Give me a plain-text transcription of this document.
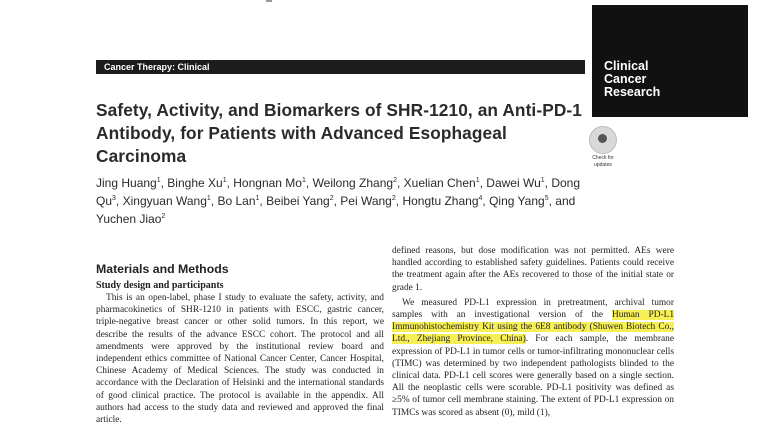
Cancer Therapy: Clinical	Clinical
Cancer
Research
Safety, Activity, and Biomarkers of SHR-1210, an Anti-PD-1 Antibody, for Patients with Advanced Esophageal Carcinoma	Check for
updates
Jing Huang$^1$, Binghe Xu$^1$, Hongnan Mo$^1$, Weilong Zhang$^2$, Xuelian Chen$^1$, Dawei Wu$^1$, Dong Qu$^3$, Xingyuan Wang$^1$, Bo Lan$^1$, Beibei Yang$^2$, Pei Wang$^2$, Hongtu Zhang$^4$, Qing Yang$^5$, and Yuchen Jiao$^2$
Materials and Methods
Study design and participants

This is an open-label, phase I study to evaluate the safety, activity, and pharmacokinetics of SHR-1210 in patients with ESCC, gastric cancer, triple-negative breast cancer or other solid tumors. In this report, we describe the results of the advance ESCC cohort. The protocol and all amendments were approved by the institutional review board and independent ethics committee of National Cancer Center, Cancer Hospital, Chinese Academy of Medical Sciences. The study was conducted in accordance with the Declaration of Helsinki and the international standards of good clinical practice. The protocol is available in the appendix. All authors had access to the study data and reviewed and approved the final article.

defined reasons, but dose modification was not permitted. AEs were handled according to established safety guidelines. Patients could receive the treatment again after the AEs recovered to those of the initial state or grade 1.

We measured PD-L1 expression in pretreatment, archival tumor samples with an investigational version of the Human PD-L1 Immunohistochemistry Kit using the 6E8 antibody (Shuwen Biotech Co., Ltd., Zhejiang Province, China). For each sample, the membrane expression of PD-L1 in tumor cells or tumor-infiltrating mononuclear cells (TIMC) was determined by two independent pathologists blinded to the clinical data. PD-L1 cell scores were generally based on a single section. All the neoplastic cells were scorable. PD-L1 positivity was defined as ≥5% of tumor cell membrane staining. The extent of PD-L1 expression on TIMCs was scored as absent (0), mild (1),
